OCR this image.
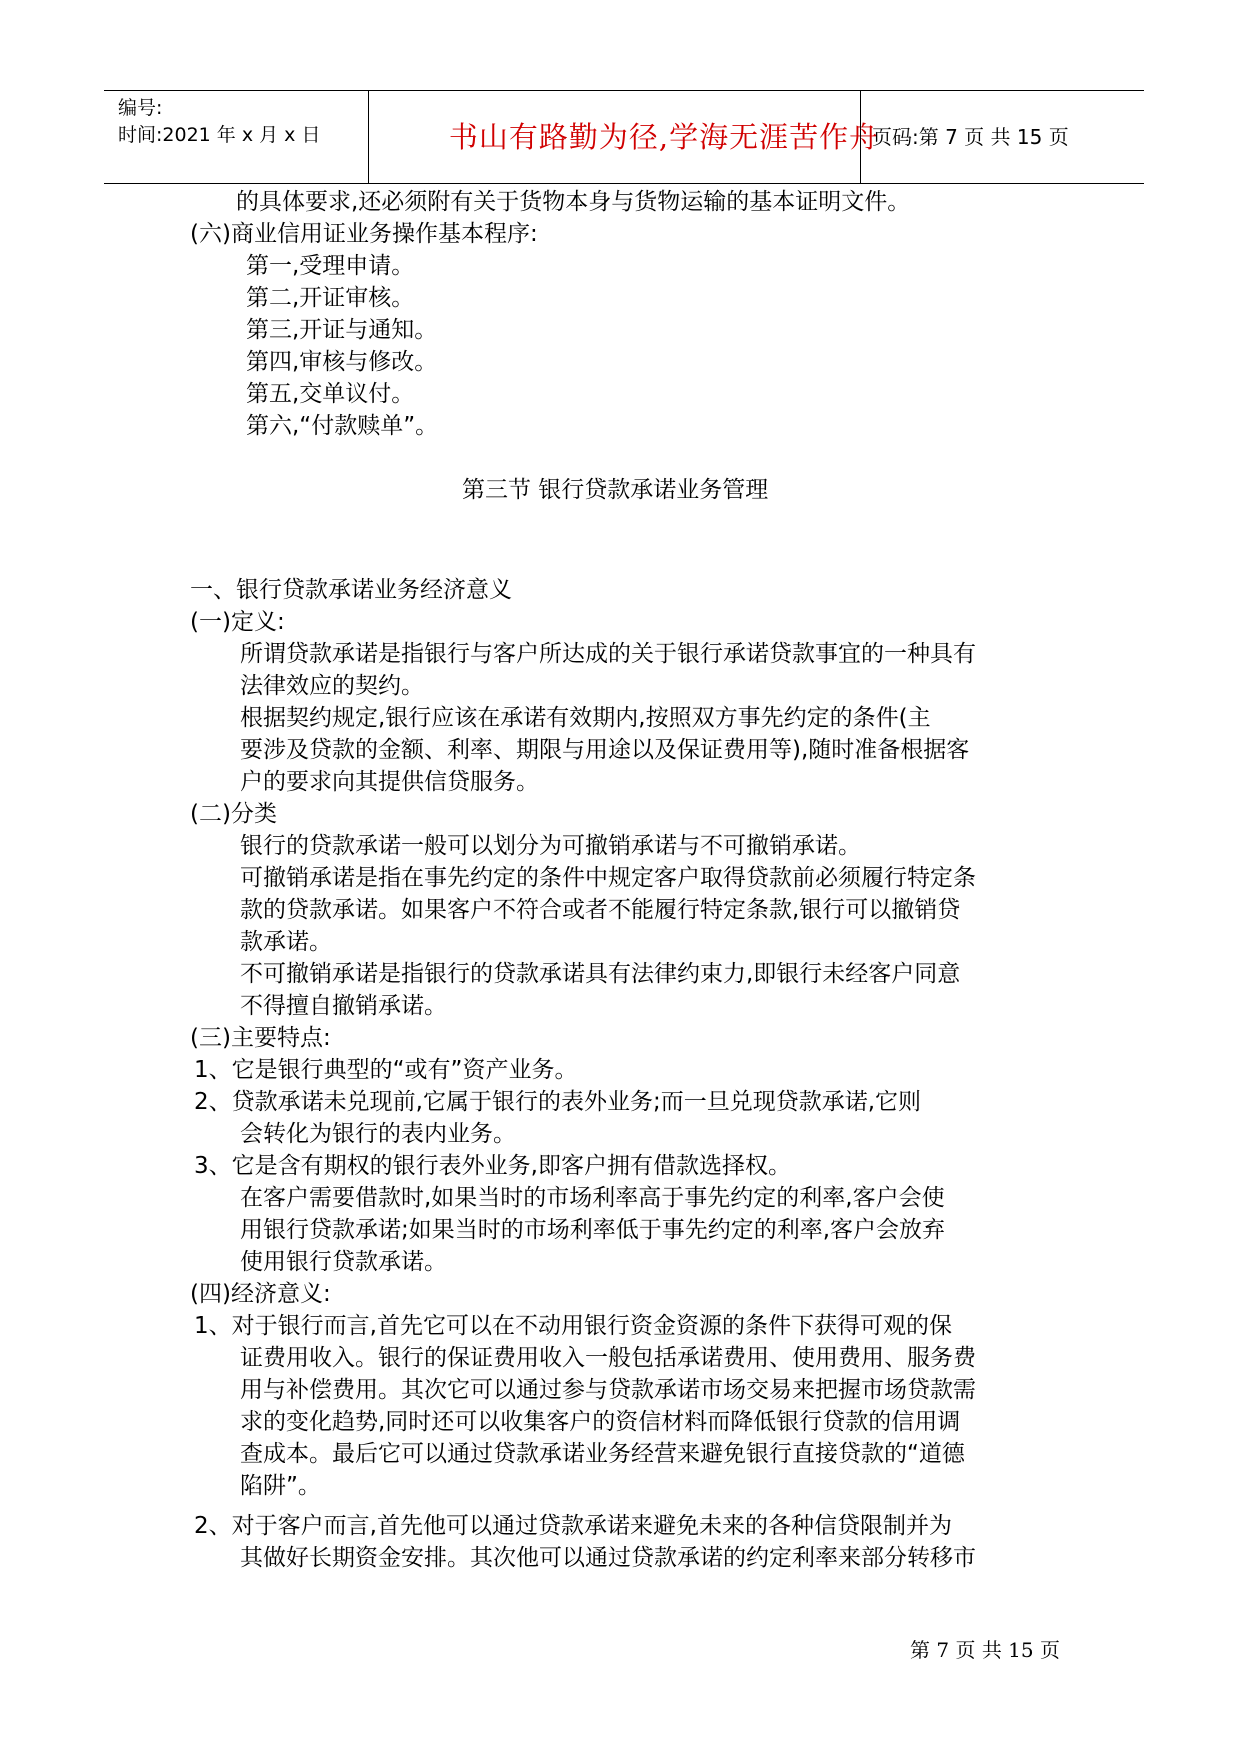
编号:
时间:2021 年 x 月 x 日	书山有路勤为径,学海无涯苦作舟
页码:第 7 页 共 15 页
的具体要求,还必须附有关于货物本身与货物运输的基本证明文件。
(六)商业信用证业务操作基本程序:
第一,受理申请。
第二,开证审核。
第三,开证与通知。
第四,审核与修改。
第五,交单议付。
第六,“付款赎单”。
第三节 银行贷款承诺业务管理
一、银行贷款承诺业务经济意义
(一)定义:
所谓贷款承诺是指银行与客户所达成的关于银行承诺贷款事宜的一种具有
法律效应的契约。
根据契约规定,银行应该在承诺有效期内,按照双方事先约定的条件(主
要涉及贷款的金额、利率、期限与用途以及保证费用等),随时准备根据客
户的要求向其提供信贷服务。
(二)分类
银行的贷款承诺一般可以划分为可撤销承诺与不可撤销承诺。
可撤销承诺是指在事先约定的条件中规定客户取得贷款前必须履行特定条
款的贷款承诺。如果客户不符合或者不能履行特定条款,银行可以撤销贷
款承诺。
不可撤销承诺是指银行的贷款承诺具有法律约束力,即银行未经客户同意
不得擅自撤销承诺。
(三)主要特点:
1、它是银行典型的“或有”资产业务。
2、贷款承诺未兑现前,它属于银行的表外业务;而一旦兑现贷款承诺,它则
会转化为银行的表内业务。
3、它是含有期权的银行表外业务,即客户拥有借款选择权。
在客户需要借款时,如果当时的市场利率高于事先约定的利率,客户会使
用银行贷款承诺;如果当时的市场利率低于事先约定的利率,客户会放弃
使用银行贷款承诺。
(四)经济意义:
1、对于银行而言,首先它可以在不动用银行资金资源的条件下获得可观的保
证费用收入。银行的保证费用收入一般包括承诺费用、使用费用、服务费
用与补偿费用。其次它可以通过参与贷款承诺市场交易来把握市场贷款需
求的变化趋势,同时还可以收集客户的资信材料而降低银行贷款的信用调
查成本。最后它可以通过贷款承诺业务经营来避免银行直接贷款的“道德
陷阱”。
2、对于客户而言,首先他可以通过贷款承诺来避免未来的各种信贷限制并为
其做好长期资金安排。其次他可以通过贷款承诺的约定利率来部分转移市
第 7 页 共 15 页
